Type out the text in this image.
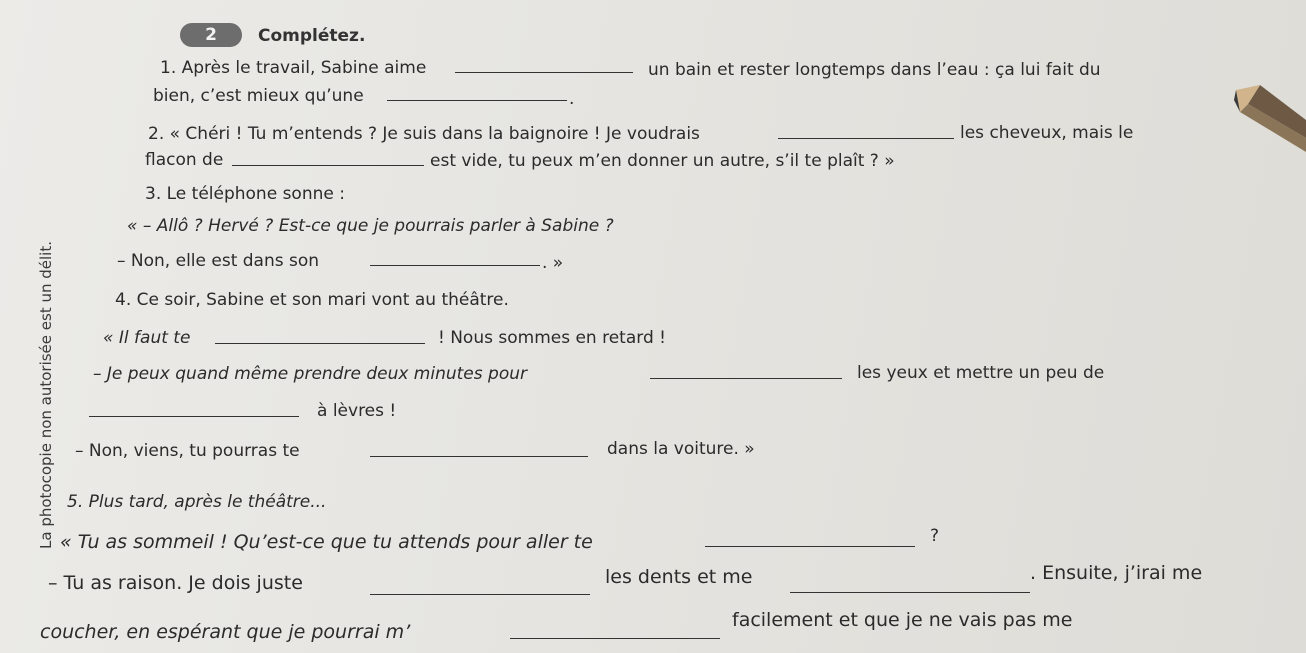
La photocopie non autorisée est un délit.
2	Complétez.
1. Après le travail, Sabine aime	un bain et rester longtemps dans l’eau : ça lui fait du
bien, c’est mieux qu’une	.
2. « Chéri ! Tu m’entends ? Je suis dans la baignoire ! Je voudrais	les cheveux, mais le
flacon de	est vide, tu peux m’en donner un autre, s’il te plaît ? »
3. Le téléphone sonne :
« – Allô ? Hervé ? Est-ce que je pourrais parler à Sabine ?
– Non, elle est dans son	. »
4. Ce soir, Sabine et son mari vont au théâtre.
« Il faut te	! Nous sommes en retard !
– Je peux quand même prendre deux minutes pour	les yeux et mettre un peu de
à lèvres !
– Non, viens, tu pourras te	dans la voiture. »
5. Plus tard, après le théâtre...
« Tu as sommeil ! Qu’est-ce que tu attends pour aller te	?
– Tu as raison. Je dois juste	les dents et me	. Ensuite, j’irai me
coucher, en espérant que je pourrai m’
facilement et que je ne vais pas me
